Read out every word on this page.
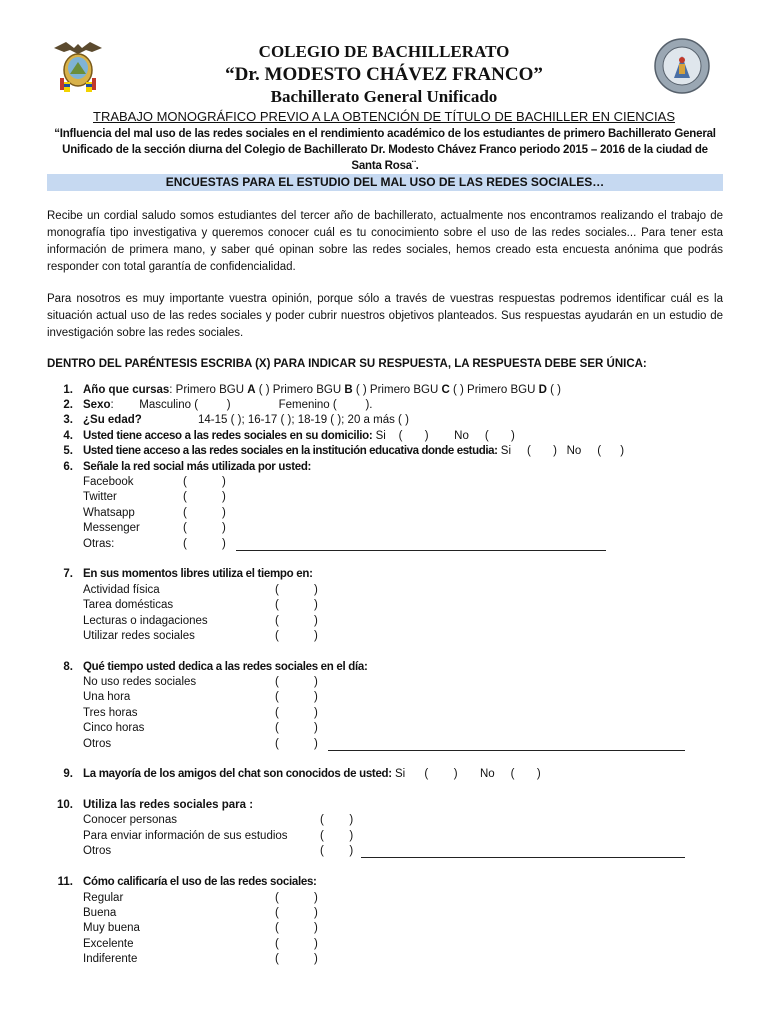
COLEGIO DE BACHILLERATO
“Dr. MODESTO CHÁVEZ FRANCO”
Bachillerato General Unificado
TRABAJO MONOGRÁFICO PREVIO A LA OBTENCIÓN DE TÍTULO DE BACHILLER EN CIENCIAS
“Influencia del mal uso de las redes sociales en el rendimiento académico de los estudiantes de primero Bachillerato General Unificado de la sección diurna del Colegio de Bachillerato Dr. Modesto Chávez Franco periodo 2015 – 2016 de la ciudad de Santa Rosa¨.
ENCUESTAS PARA EL ESTUDIO DEL MAL USO DE LAS REDES SOCIALES…
Recibe un cordial saludo somos estudiantes del tercer año de bachillerato, actualmente nos encontramos realizando el trabajo de monografía tipo investigativa y queremos conocer cuál es tu conocimiento sobre el uso de las redes sociales... Para tener esta información de primera mano, y saber qué opinan sobre las redes sociales, hemos creado esta encuesta anónima que podrás responder con total garantía de confidencialidad.
Para nosotros es muy importante vuestra opinión, porque sólo a través de vuestras respuestas podremos identificar cuál es la situación actual uso de las redes sociales y poder cubrir nuestros objetivos planteados. Sus respuestas ayudarán en un estudio de investigación sobre las redes sociales.
DENTRO DEL PARÉNTESIS ESCRIBA (X) PARA INDICAR SU RESPUESTA, LA RESPUESTA DEBE SER ÚNICA:
1. Año que cursas: Primero BGU A ( ) Primero BGU B ( ) Primero BGU C ( ) Primero BGU D ( )
2. Sexo:        Masculino (         )               Femenino (         ).
3. ¿Su edad?	14-15 ( ); 16-17 ( ); 18-19 ( ); 20 a más ( )
4. Usted tiene acceso a las redes sociales en su domicilio: Si    (       )        No     (       )
5. Usted tiene acceso a las redes sociales en la institución educativa donde estudia: Si     (       )   No     (      )
6. Señale la red social más utilizada por usted:
Facebook	(           )
Twitter	(           )
Whatsapp	(           )
Messenger	(           )
Otras:	(           )
7. En sus momentos libres utiliza el tiempo en:
Actividad física	(           )
Tarea domésticas	(           )
Lecturas o indagaciones	(           )
Utilizar redes sociales	(           )
8. Qué tiempo usted dedica a las redes sociales en el día:
No uso redes sociales	(           )
Una hora	(           )
Tres horas	(           )
Cinco horas	(           )
Otros	(           )
9. La mayoría de los amigos del chat son conocidos de usted: Si      (        )       No     (       )
10. Utiliza las redes sociales para :
Conocer personas	(        )
Para enviar información de sus estudios	(        )
Otros	(        )
11. Cómo calificaría el uso de las redes sociales:
Regular	(           )
Buena	(           )
Muy buena	(           )
Excelente	(           )
Indiferente	(           )
